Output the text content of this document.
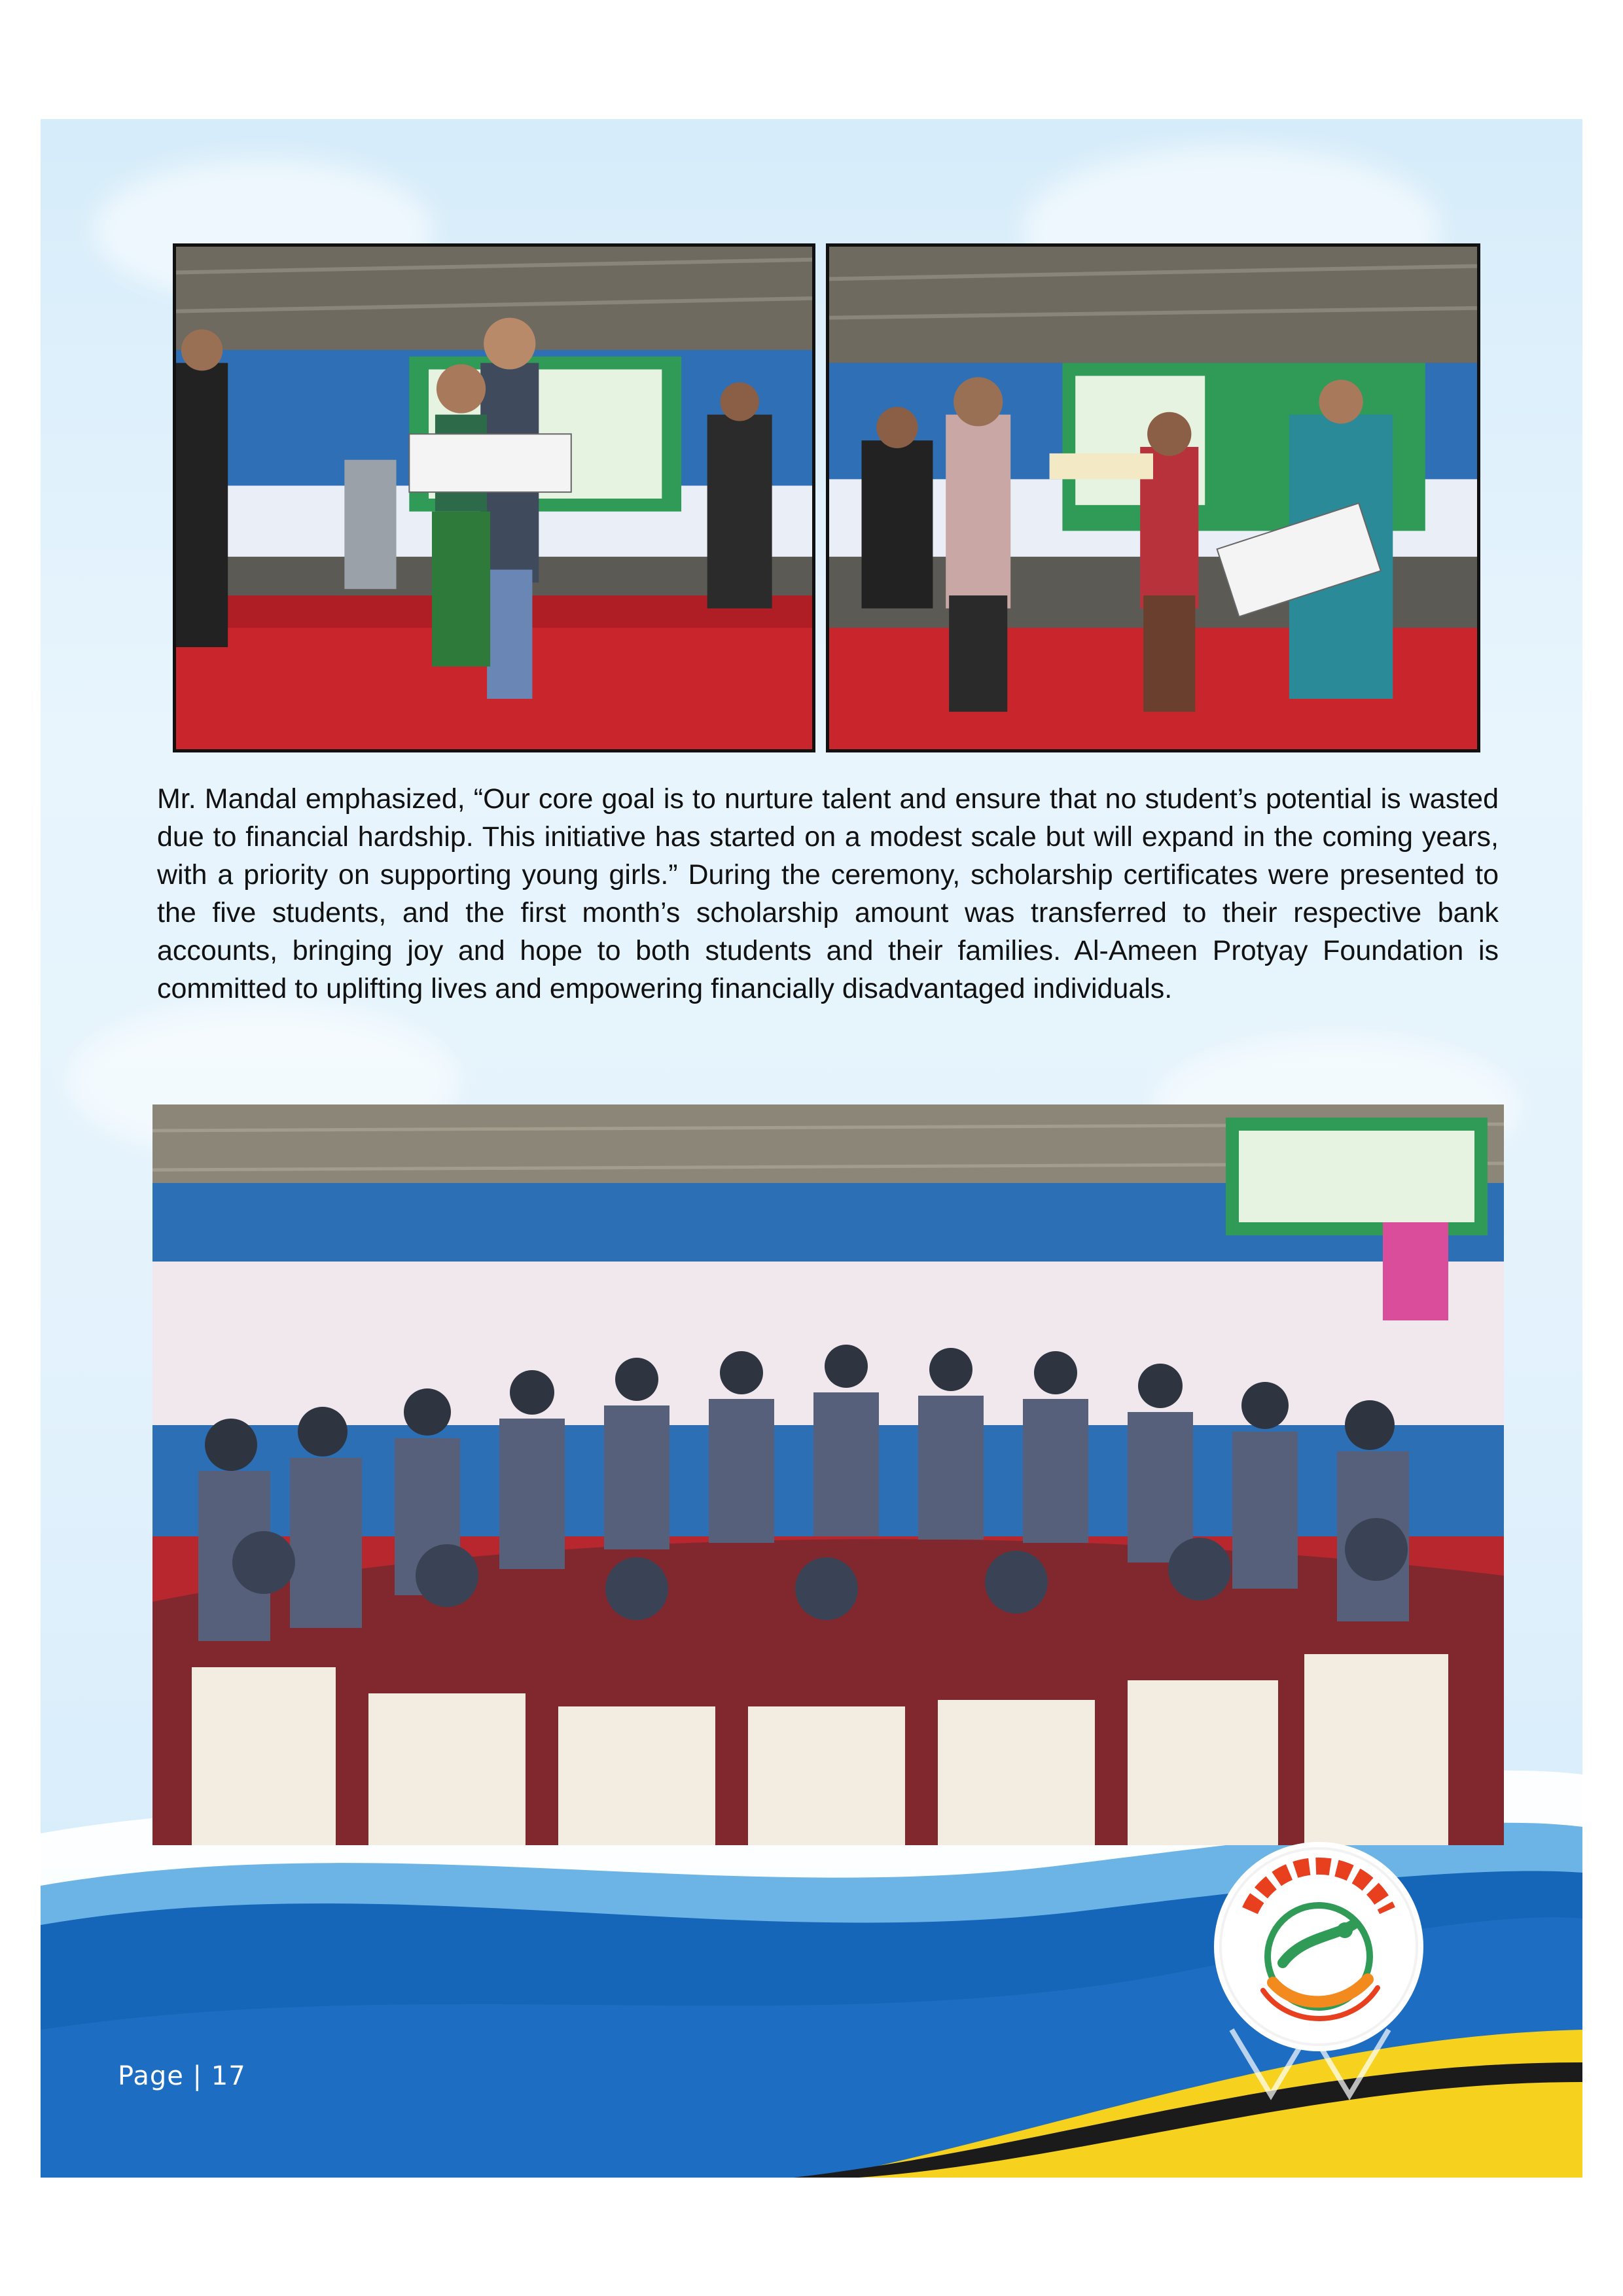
Mr. Mandal emphasized, “Our core goal is to nurture talent and ensure that no student’s potential is wasted due to financial hardship. This initiative has started on a modest scale but will expand in the coming years, with a priority on supporting young girls.” During the ceremony, scholarship certificates were presented to the five students, and the first month’s scholarship amount was transferred to their respective bank accounts, bringing joy and hope to both students and their families. Al-Ameen Protyay Foundation is committed to uplifting lives and empowering financially disadvantaged individuals.

Page | 17
